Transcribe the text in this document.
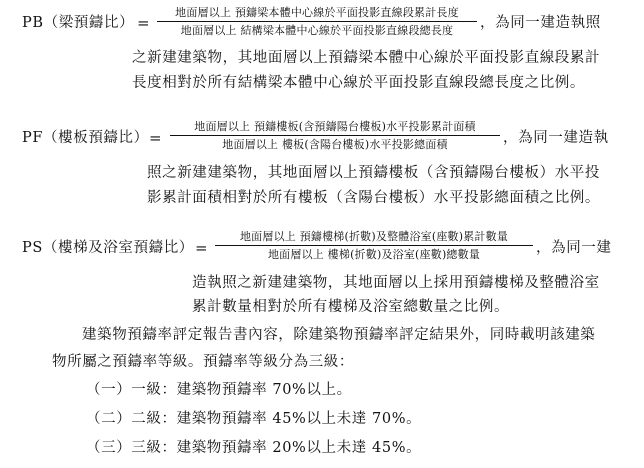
PB（梁預鑄比） =
地面層以上 預鑄梁本體中心線於平面投影直線段累計長度
地面層以上 結構梁本體中心線於平面投影直線段總長度	，為同一建造執照
之新建建築物，其地面層以上預鑄梁本體中心線於平面投影直線段累計
長度相對於所有結構梁本體中心線於平面投影直線段總長度之比例。
PF（樓板預鑄比） =
地面層以上 預鑄樓板(含預鑄陽台樓板)水平投影累計面積
地面層以上 樓板(含陽台樓板)水平投影總面積	，為同一建造執
照之新建建築物，其地面層以上預鑄樓板（含預鑄陽台樓板）水平投
影累計面積相對於所有樓板（含陽台樓板）水平投影總面積之比例。
PS（樓梯及浴室預鑄比） =
地面層以上 預鑄樓梯(折數)及整體浴室(座數)累計數量
地面層以上 樓梯(折數)及浴室(座數)總數量	，為同一建
造執照之新建建築物，其地面層以上採用預鑄樓梯及整體浴室
累計數量相對於所有樓梯及浴室總數量之比例。
建築物預鑄率評定報告書內容，除建築物預鑄率評定結果外，同時載明該建築
物所屬之預鑄率等級。預鑄率等級分為三級：
（一）一級：建築物預鑄率 70%以上。
（二）二級：建築物預鑄率 45%以上未達 70%。
（三）三級：建築物預鑄率 20%以上未達 45%。
